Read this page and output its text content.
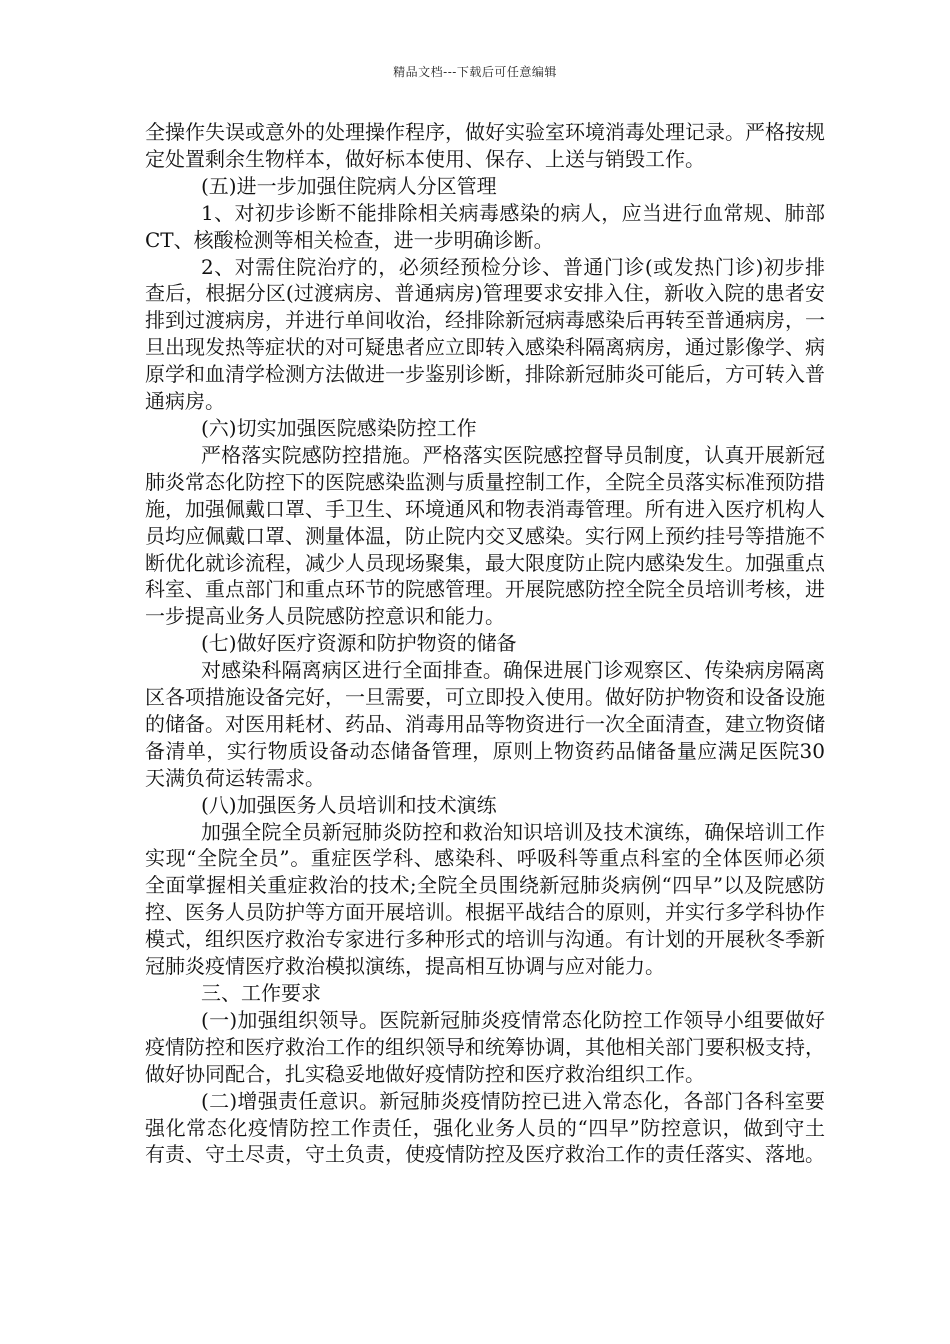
精品文档---下载后可任意编辑

全操作失误或意外的处理操作程序，做好实验室环境消毒处理记录。严格按规定处置剩余生物样本，做好标本使用、保存、上送与销毁工作。

(五)进一步加强住院病人分区管理

1、对初步诊断不能排除相关病毒感染的病人，应当进行血常规、肺部CT、核酸检测等相关检查，进一步明确诊断。

2、对需住院治疗的，必须经预检分诊、普通门诊(或发热门诊)初步排查后，根据分区(过渡病房、普通病房)管理要求安排入住，新收入院的患者安排到过渡病房，并进行单间收治，经排除新冠病毒感染后再转至普通病房，一旦出现发热等症状的对可疑患者应立即转入感染科隔离病房，通过影像学、病原学和血清学检测方法做进一步鉴别诊断，排除新冠肺炎可能后，方可转入普通病房。

(六)切实加强医院感染防控工作

严格落实院感防控措施。严格落实医院感控督导员制度，认真开展新冠肺炎常态化防控下的医院感染监测与质量控制工作，全院全员落实标准预防措施，加强佩戴口罩、手卫生、环境通风和物表消毒管理。所有进入医疗机构人员均应佩戴口罩、测量体温，防止院内交叉感染。实行网上预约挂号等措施不断优化就诊流程，减少人员现场聚集，最大限度防止院内感染发生。加强重点科室、重点部门和重点环节的院感管理。开展院感防控全院全员培训考核，进一步提高业务人员院感防控意识和能力。

(七)做好医疗资源和防护物资的储备

对感染科隔离病区进行全面排查。确保进展门诊观察区、传染病房隔离区各项措施设备完好，一旦需要，可立即投入使用。做好防护物资和设备设施的储备。对医用耗材、药品、消毒用品等物资进行一次全面清查，建立物资储备清单，实行物质设备动态储备管理，原则上物资药品储备量应满足医院30天满负荷运转需求。

(八)加强医务人员培训和技术演练

加强全院全员新冠肺炎防控和救治知识培训及技术演练，确保培训工作实现“全院全员”。重症医学科、感染科、呼吸科等重点科室的全体医师必须全面掌握相关重症救治的技术;全院全员围绕新冠肺炎病例“四早”以及院感防控、医务人员防护等方面开展培训。根据平战结合的原则，并实行多学科协作模式，组织医疗救治专家进行多种形式的培训与沟通。有计划的开展秋冬季新冠肺炎疫情医疗救治模拟演练，提高相互协调与应对能力。

三、工作要求

(一)加强组织领导。医院新冠肺炎疫情常态化防控工作领导小组要做好疫情防控和医疗救治工作的组织领导和统筹协调，其他相关部门要积极支持，做好协同配合，扎实稳妥地做好疫情防控和医疗救治组织工作。

(二)增强责任意识。新冠肺炎疫情防控已进入常态化，各部门各科室要强化常态化疫情防控工作责任，强化业务人员的“四早”防控意识，做到守土有责、守土尽责，守土负责，使疫情防控及医疗救治工作的责任落实、落地。
